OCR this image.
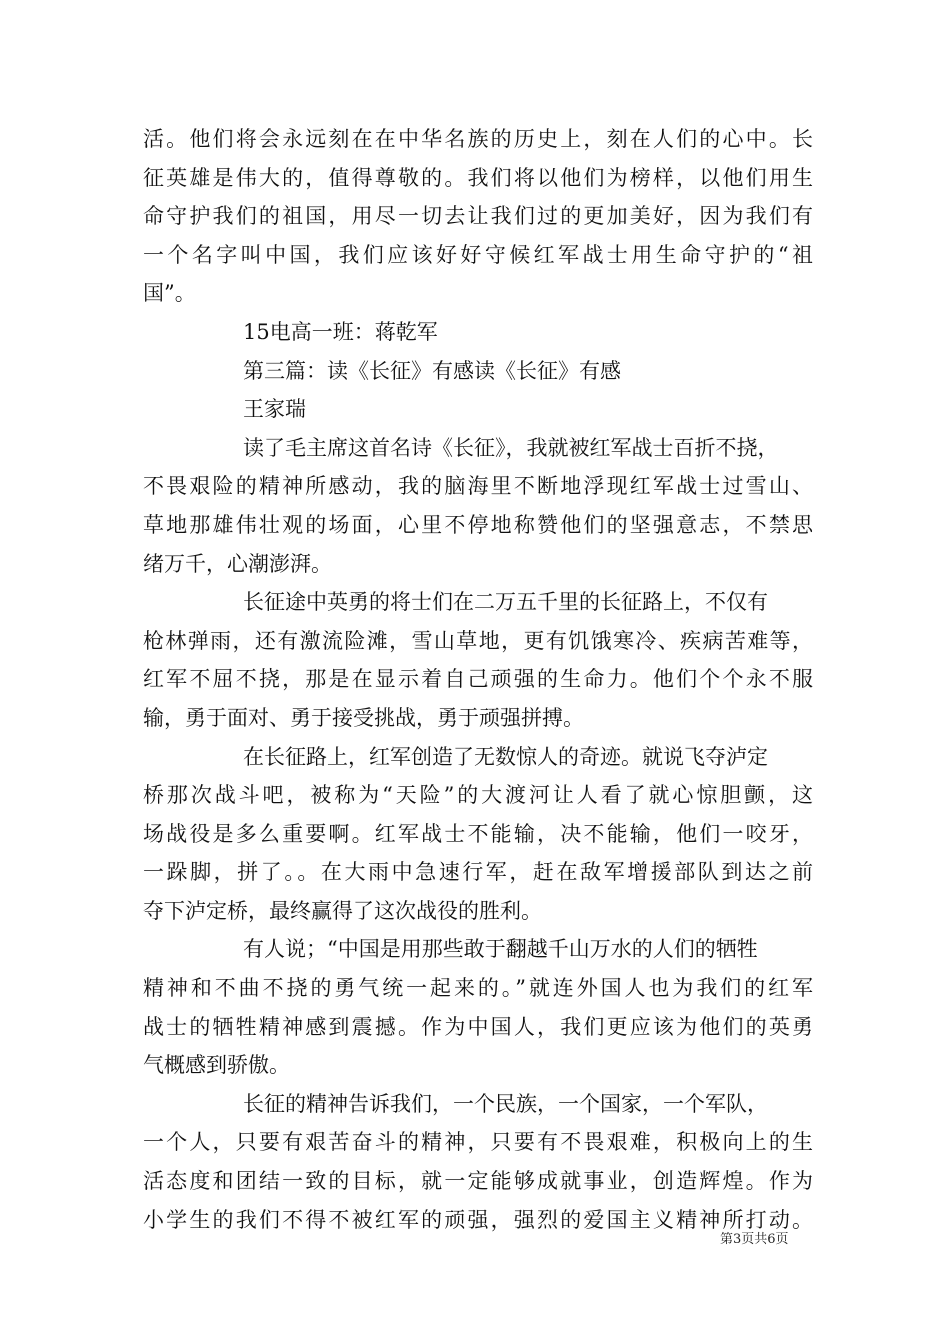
活。他们将会永远刻在在中华名族的历史上，刻在人们的心中。长
征英雄是伟大的，值得尊敬的。我们将以他们为榜样，以他们用生
命守护我们的祖国，用尽一切去让我们过的更加美好，因为我们有
一个名字叫中国，我们应该好好守候红军战士用生命守护的“祖
国”。
15电高一班：蒋乾军
第三篇：读《长征》有感读《长征》有感
王家瑞
读了毛主席这首名诗《长征》，我就被红军战士百折不挠，
不畏艰险的精神所感动，我的脑海里不断地浮现红军战士过雪山、
草地那雄伟壮观的场面，心里不停地称赞他们的坚强意志，不禁思
绪万千，心潮澎湃。
长征途中英勇的将士们在二万五千里的长征路上，不仅有
枪林弹雨，还有激流险滩，雪山草地，更有饥饿寒冷、疾病苦难等，
红军不屈不挠，那是在显示着自己顽强的生命力。他们个个永不服
输，勇于面对、勇于接受挑战，勇于顽强拼搏。
在长征路上，红军创造了无数惊人的奇迹。就说飞夺泸定
桥那次战斗吧，被称为“天险”的大渡河让人看了就心惊胆颤，这
场战役是多么重要啊。红军战士不能输，决不能输，他们一咬牙，
一跺脚，拼了。。在大雨中急速行军，赶在敌军增援部队到达之前
夺下泸定桥，最终赢得了这次战役的胜利。
有人说；“中国是用那些敢于翻越千山万水的人们的牺牲
精神和不曲不挠的勇气统一起来的。”就连外国人也为我们的红军
战士的牺牲精神感到震撼。作为中国人，我们更应该为他们的英勇
气概感到骄傲。
长征的精神告诉我们，一个民族，一个国家，一个军队，
一个人，只要有艰苦奋斗的精神，只要有不畏艰难，积极向上的生
活态度和团结一致的目标，就一定能够成就事业，创造辉煌。作为
小学生的我们不得不被红军的顽强，强烈的爱国主义精神所打动。
第3页共6页
